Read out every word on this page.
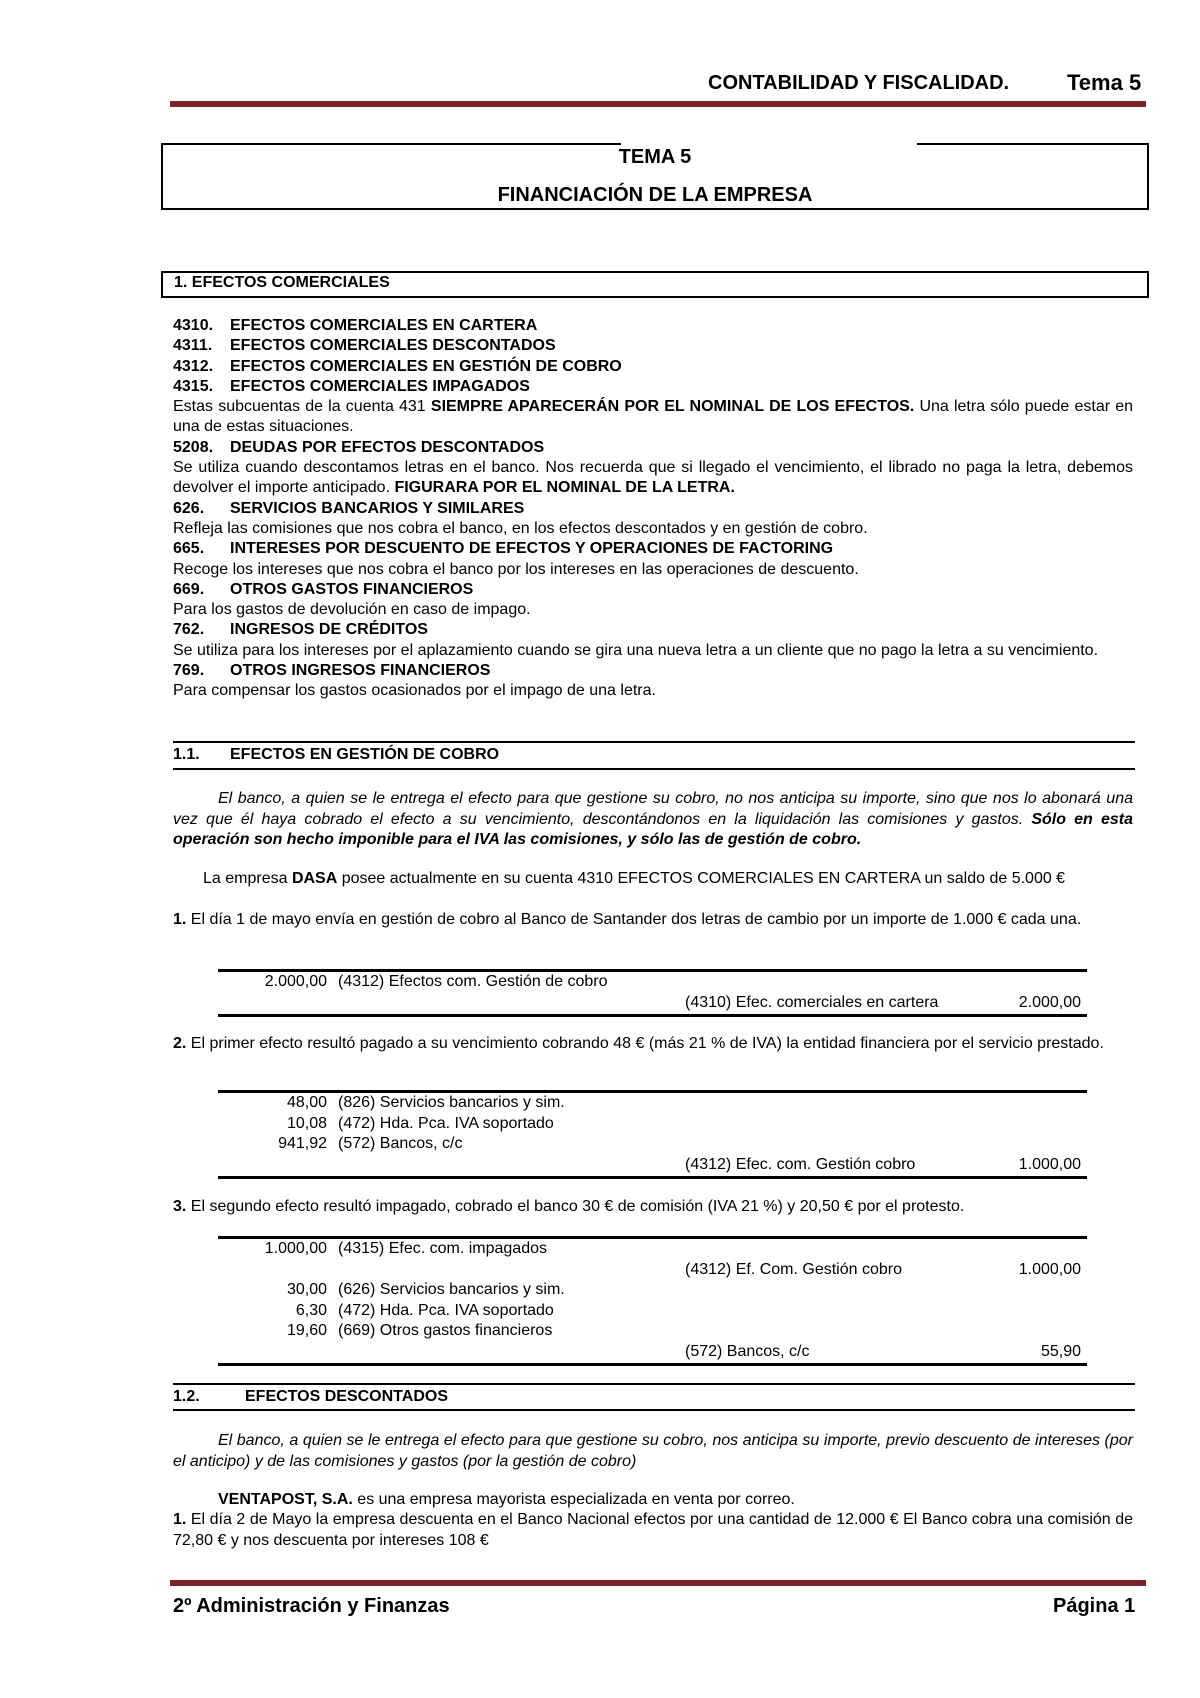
CONTABILIDAD Y FISCALIDAD.	Tema 5
TEMA 5
FINANCIACIÓN DE LA EMPRESA
1. EFECTOS COMERCIALES

4310. EFECTOS COMERCIALES EN CARTERA

4311. EFECTOS COMERCIALES DESCONTADOS

4312. EFECTOS COMERCIALES EN GESTIÓN DE COBRO

4315. EFECTOS COMERCIALES IMPAGADOS

Estas subcuentas de la cuenta 431 SIEMPRE APARECERÁN POR EL NOMINAL DE LOS EFECTOS. Una letra sólo puede estar en una de estas situaciones.

5208. DEUDAS POR EFECTOS DESCONTADOS

Se utiliza cuando descontamos letras en el banco. Nos recuerda que si llegado el vencimiento, el librado no paga la letra, debemos devolver el importe anticipado. FIGURARA POR EL NOMINAL DE LA LETRA.

626. SERVICIOS BANCARIOS Y SIMILARES

Refleja las comisiones que nos cobra el banco, en los efectos descontados y en gestión de cobro.

665. INTERESES POR DESCUENTO DE EFECTOS Y OPERACIONES DE FACTORING

Recoge los intereses que nos cobra el banco por los intereses en las operaciones de descuento.

669. OTROS GASTOS FINANCIEROS

Para los gastos de devolución en caso de impago.

762. INGRESOS DE CRÉDITOS

Se utiliza para los intereses por el aplazamiento cuando se gira una nueva letra a un cliente que no pago la letra a su vencimiento.

769. OTROS INGRESOS FINANCIEROS

Para compensar los gastos ocasionados por el impago de una letra.

1.1. EFECTOS EN GESTIÓN DE COBRO

El banco, a quien se le entrega el efecto para que gestione su cobro, no nos anticipa su importe, sino que nos lo abonará una vez que él haya cobrado el efecto a su vencimiento, descontándonos en la liquidación las comisiones y gastos. Sólo en esta operación son hecho imponible para el IVA las comisiones, y sólo las de gestión de cobro.

La empresa DASA posee actualmente en su cuenta 4310 EFECTOS COMERCIALES EN CARTERA un saldo de 5.000 €

1. El día 1 de mayo envía en gestión de cobro al Banco de Santander dos letras de cambio por un importe de 1.000 € cada una.

2.000,00 (4312) Efectos com. Gestión de cobro
(4310) Efec. comerciales en cartera	2.000,00

2. El primer efecto resultó pagado a su vencimiento cobrando 48 € (más 21 % de IVA) la entidad financiera por el servicio prestado.

48,00 (826) Servicios bancarios y sim.
10,08 (472) Hda. Pca. IVA soportado
941,92 (572) Bancos, c/c
(4312) Efec. com. Gestión cobro	1.000,00

3. El segundo efecto resultó impagado, cobrado el banco 30 € de comisión (IVA 21 %) y 20,50 € por el protesto.

1.000,00 (4315) Efec. com. impagados
(4312) Ef. Com. Gestión cobro	1.000,00
30,00 (626) Servicios bancarios y sim.
6,30 (472) Hda. Pca. IVA soportado
19,60 (669) Otros gastos financieros
(572) Bancos, c/c	55,90
1.2.	EFECTOS DESCONTADOS

El banco, a quien se le entrega el efecto para que gestione su cobro, nos anticipa su importe, previo descuento de intereses (por el anticipo) y de las comisiones y gastos (por la gestión de cobro)

VENTAPOST, S.A. es una empresa mayorista especializada en venta por correo.

1. El día 2 de Mayo la empresa descuenta en el Banco Nacional efectos por una cantidad de 12.000 € El Banco cobra una comisión de 72,80 € y nos descuenta por intereses 108 €

2º Administración y Finanzas	Página 1
